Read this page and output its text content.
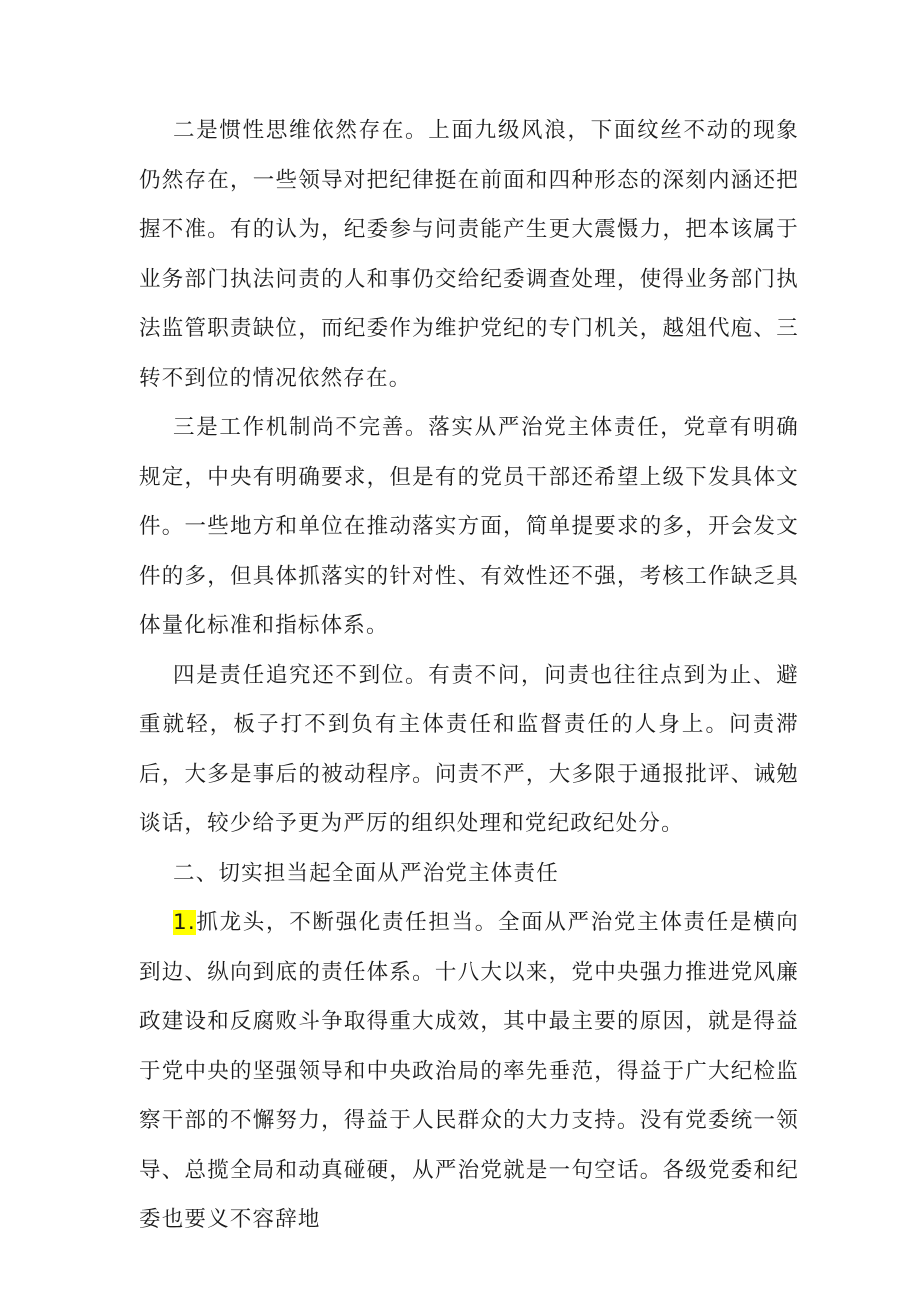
二是惯性思维依然存在。上面九级风浪，下面纹丝不动的现象仍然存在，一些领导对把纪律挺在前面和四种形态的深刻内涵还把握不准。有的认为，纪委参与问责能产生更大震慑力，把本该属于业务部门执法问责的人和事仍交给纪委调查处理，使得业务部门执法监管职责缺位，而纪委作为维护党纪的专门机关，越俎代庖、三转不到位的情况依然存在。

三是工作机制尚不完善。落实从严治党主体责任，党章有明确规定，中央有明确要求，但是有的党员干部还希望上级下发具体文件。一些地方和单位在推动落实方面，简单提要求的多，开会发文件的多，但具体抓落实的针对性、有效性还不强，考核工作缺乏具体量化标准和指标体系。

四是责任追究还不到位。有责不问，问责也往往点到为止、避重就轻，板子打不到负有主体责任和监督责任的人身上。问责滞后，大多是事后的被动程序。问责不严，大多限于通报批评、诫勉谈话，较少给予更为严厉的组织处理和党纪政纪处分。

二、切实担当起全面从严治党主体责任

1.抓龙头，不断强化责任担当。全面从严治党主体责任是横向到边、纵向到底的责任体系。十八大以来，党中央强力推进党风廉政建设和反腐败斗争取得重大成效，其中最主要的原因，就是得益于党中央的坚强领导和中央政治局的率先垂范，得益于广大纪检监察干部的不懈努力，得益于人民群众的大力支持。没有党委统一领导、总揽全局和动真碰硬，从严治党就是一句空话。各级党委和纪委也要义不容辞地
